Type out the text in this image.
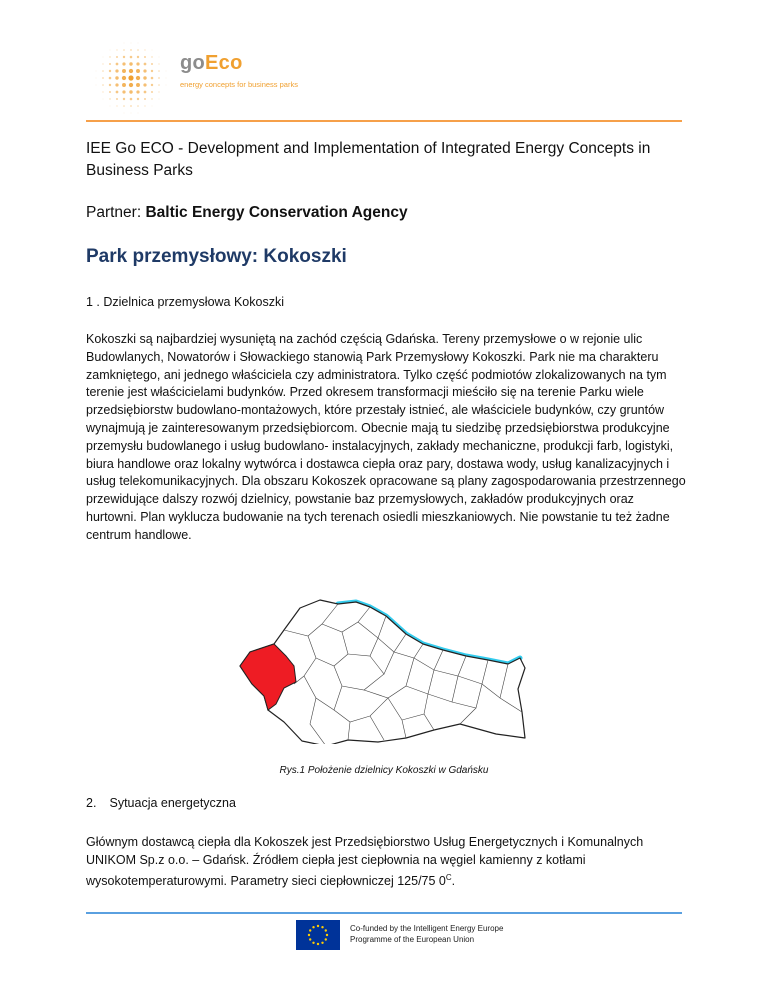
goEco
energy concepts for business parks
IEE Go ECO - Development and Implementation of Integrated Energy Concepts in Business Parks
Partner: Baltic Energy Conservation Agency
Park przemysłowy: Kokoszki
1 . Dzielnica przemysłowa Kokoszki

Kokoszki są najbardziej wysuniętą na zachód częścią Gdańska. Tereny przemysłowe o w rejonie ulic Budowlanych, Nowatorów i Słowackiego stanowią Park Przemysłowy Kokoszki. Park nie ma charakteru zamkniętego, ani jednego właściciela czy administratora. Tylko część podmiotów zlokalizowanych na tym terenie jest właścicielami budynków. Przed okresem transformacji mieściło się na terenie Parku wiele przedsiębiorstw budowlano-montażowych, które przestały istnieć, ale właściciele budynków, czy gruntów wynajmują je zainteresowanym przedsiębiorcom. Obecnie mają tu siedzibę przedsiębiorstwa produkcyjne przemysłu budowlanego i usług budowlano- instalacyjnych, zakłady mechaniczne, produkcji farb, logistyki, biura handlowe oraz lokalny wytwórca i dostawca ciepła oraz pary, dostawa wody, usług kanalizacyjnych i usług telekomunikacyjnych. Dla obszaru Kokoszek opracowane są plany zagospodarowania przestrzennego przewidujące dalszy rozwój dzielnicy, powstanie baz przemysłowych, zakładów produkcyjnych oraz hurtowni. Plan wyklucza budowanie na tych terenach osiedli mieszkaniowych. Nie powstanie tu też żadne centrum handlowe.

Rys.1 Położenie dzielnicy Kokoszki w Gdańsku
2. Sytuacja energetyczna

Głównym dostawcą ciepła dla Kokoszek jest Przedsiębiorstwo Usług Energetycznych i Komunalnych UNIKOM Sp.z o.o. – Gdańsk. Źródłem ciepła jest ciepłownia na węgiel kamienny z kotłami wysokotemperaturowymi. Parametry sieci ciepłowniczej 125/75 $0^C$.

Co-funded by the Intelligent Energy Europe
Programme of the European Union
